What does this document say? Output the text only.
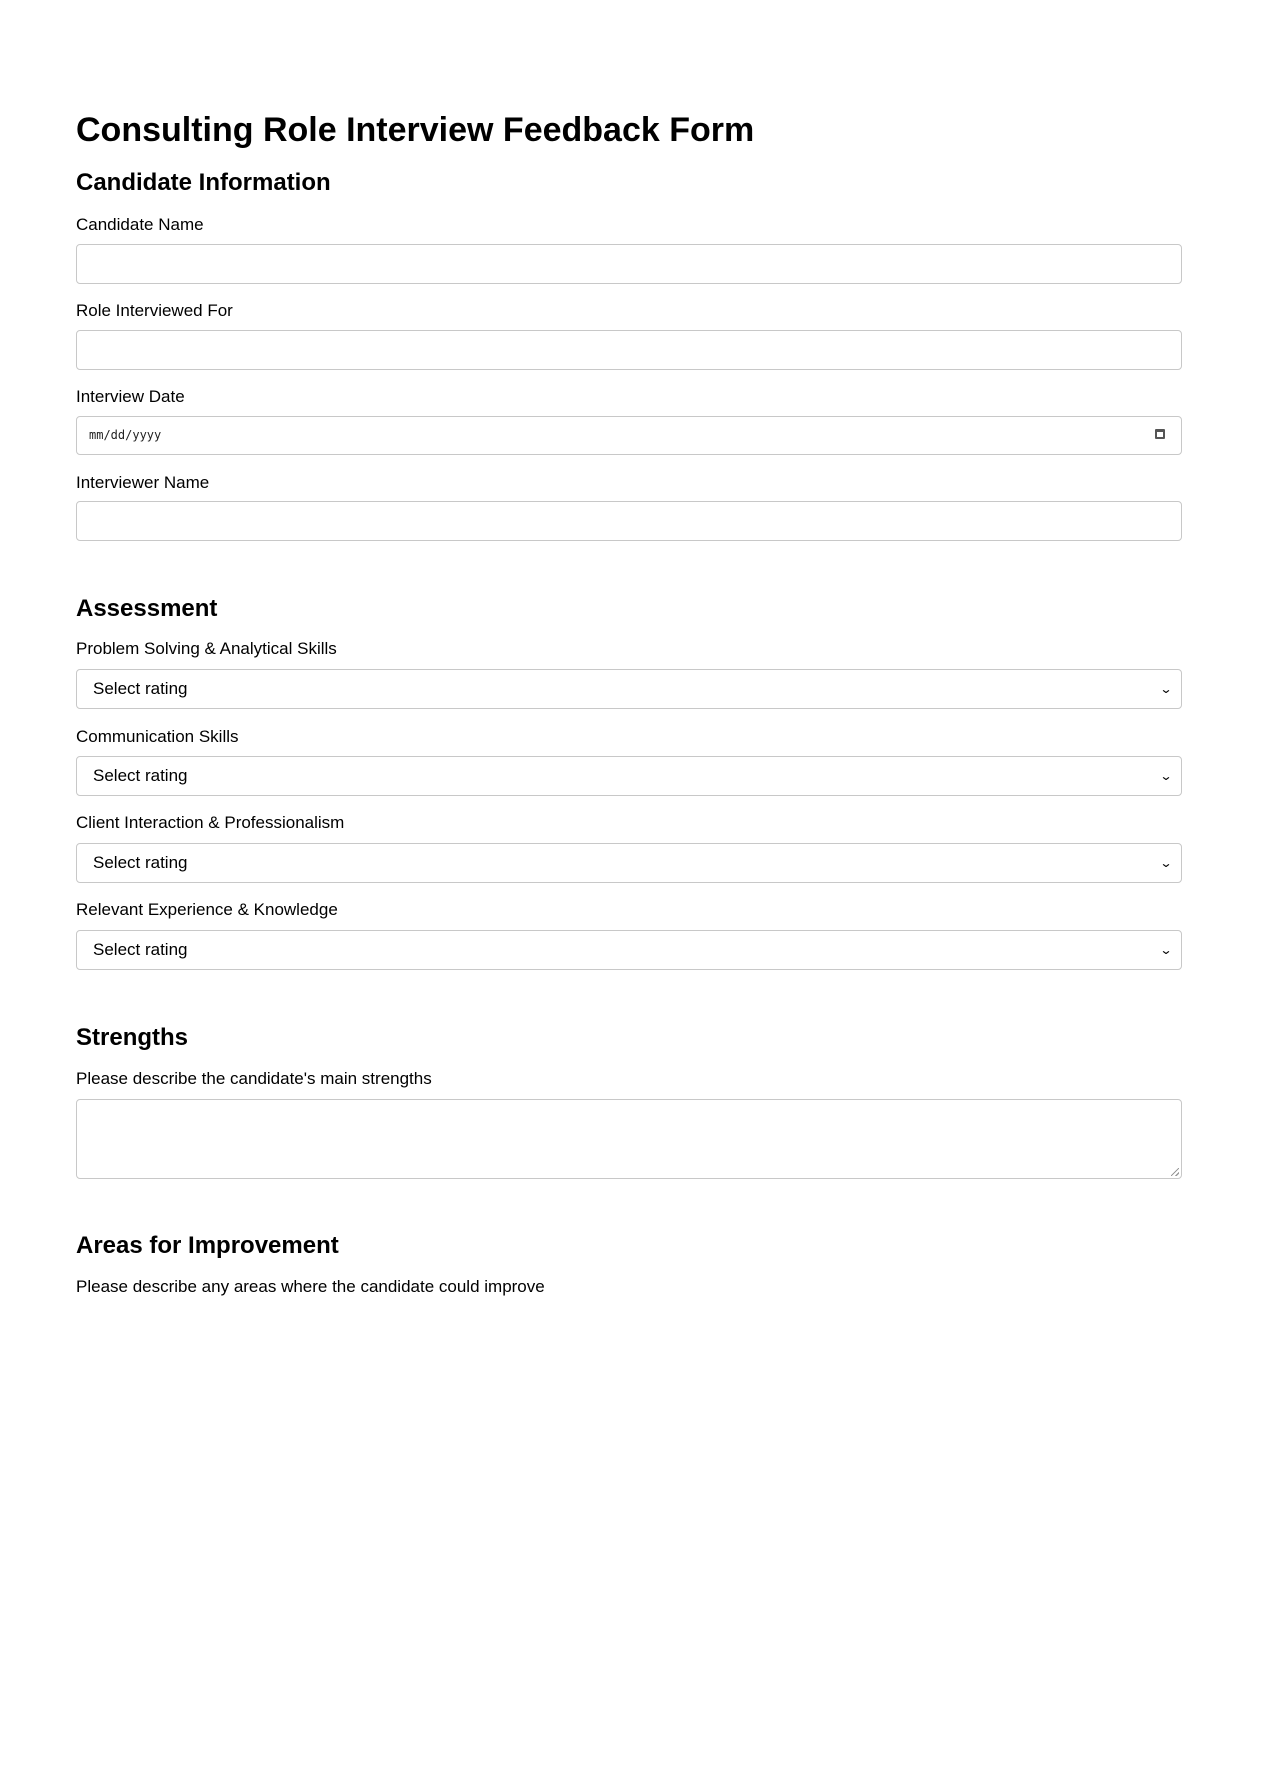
Consulting Role Interview Feedback Form
Candidate Information
Candidate Name
Role Interviewed For
Interview Date
mm/dd/yyyy
Interviewer Name
Assessment
Problem Solving & Analytical Skills
Select rating	⌄
Communication Skills
Select rating	⌄
Client Interaction & Professionalism
Select rating	⌄
Relevant Experience & Knowledge
Select rating	⌄
Strengths
Please describe the candidate's main strengths
Areas for Improvement
Please describe any areas where the candidate could improve
